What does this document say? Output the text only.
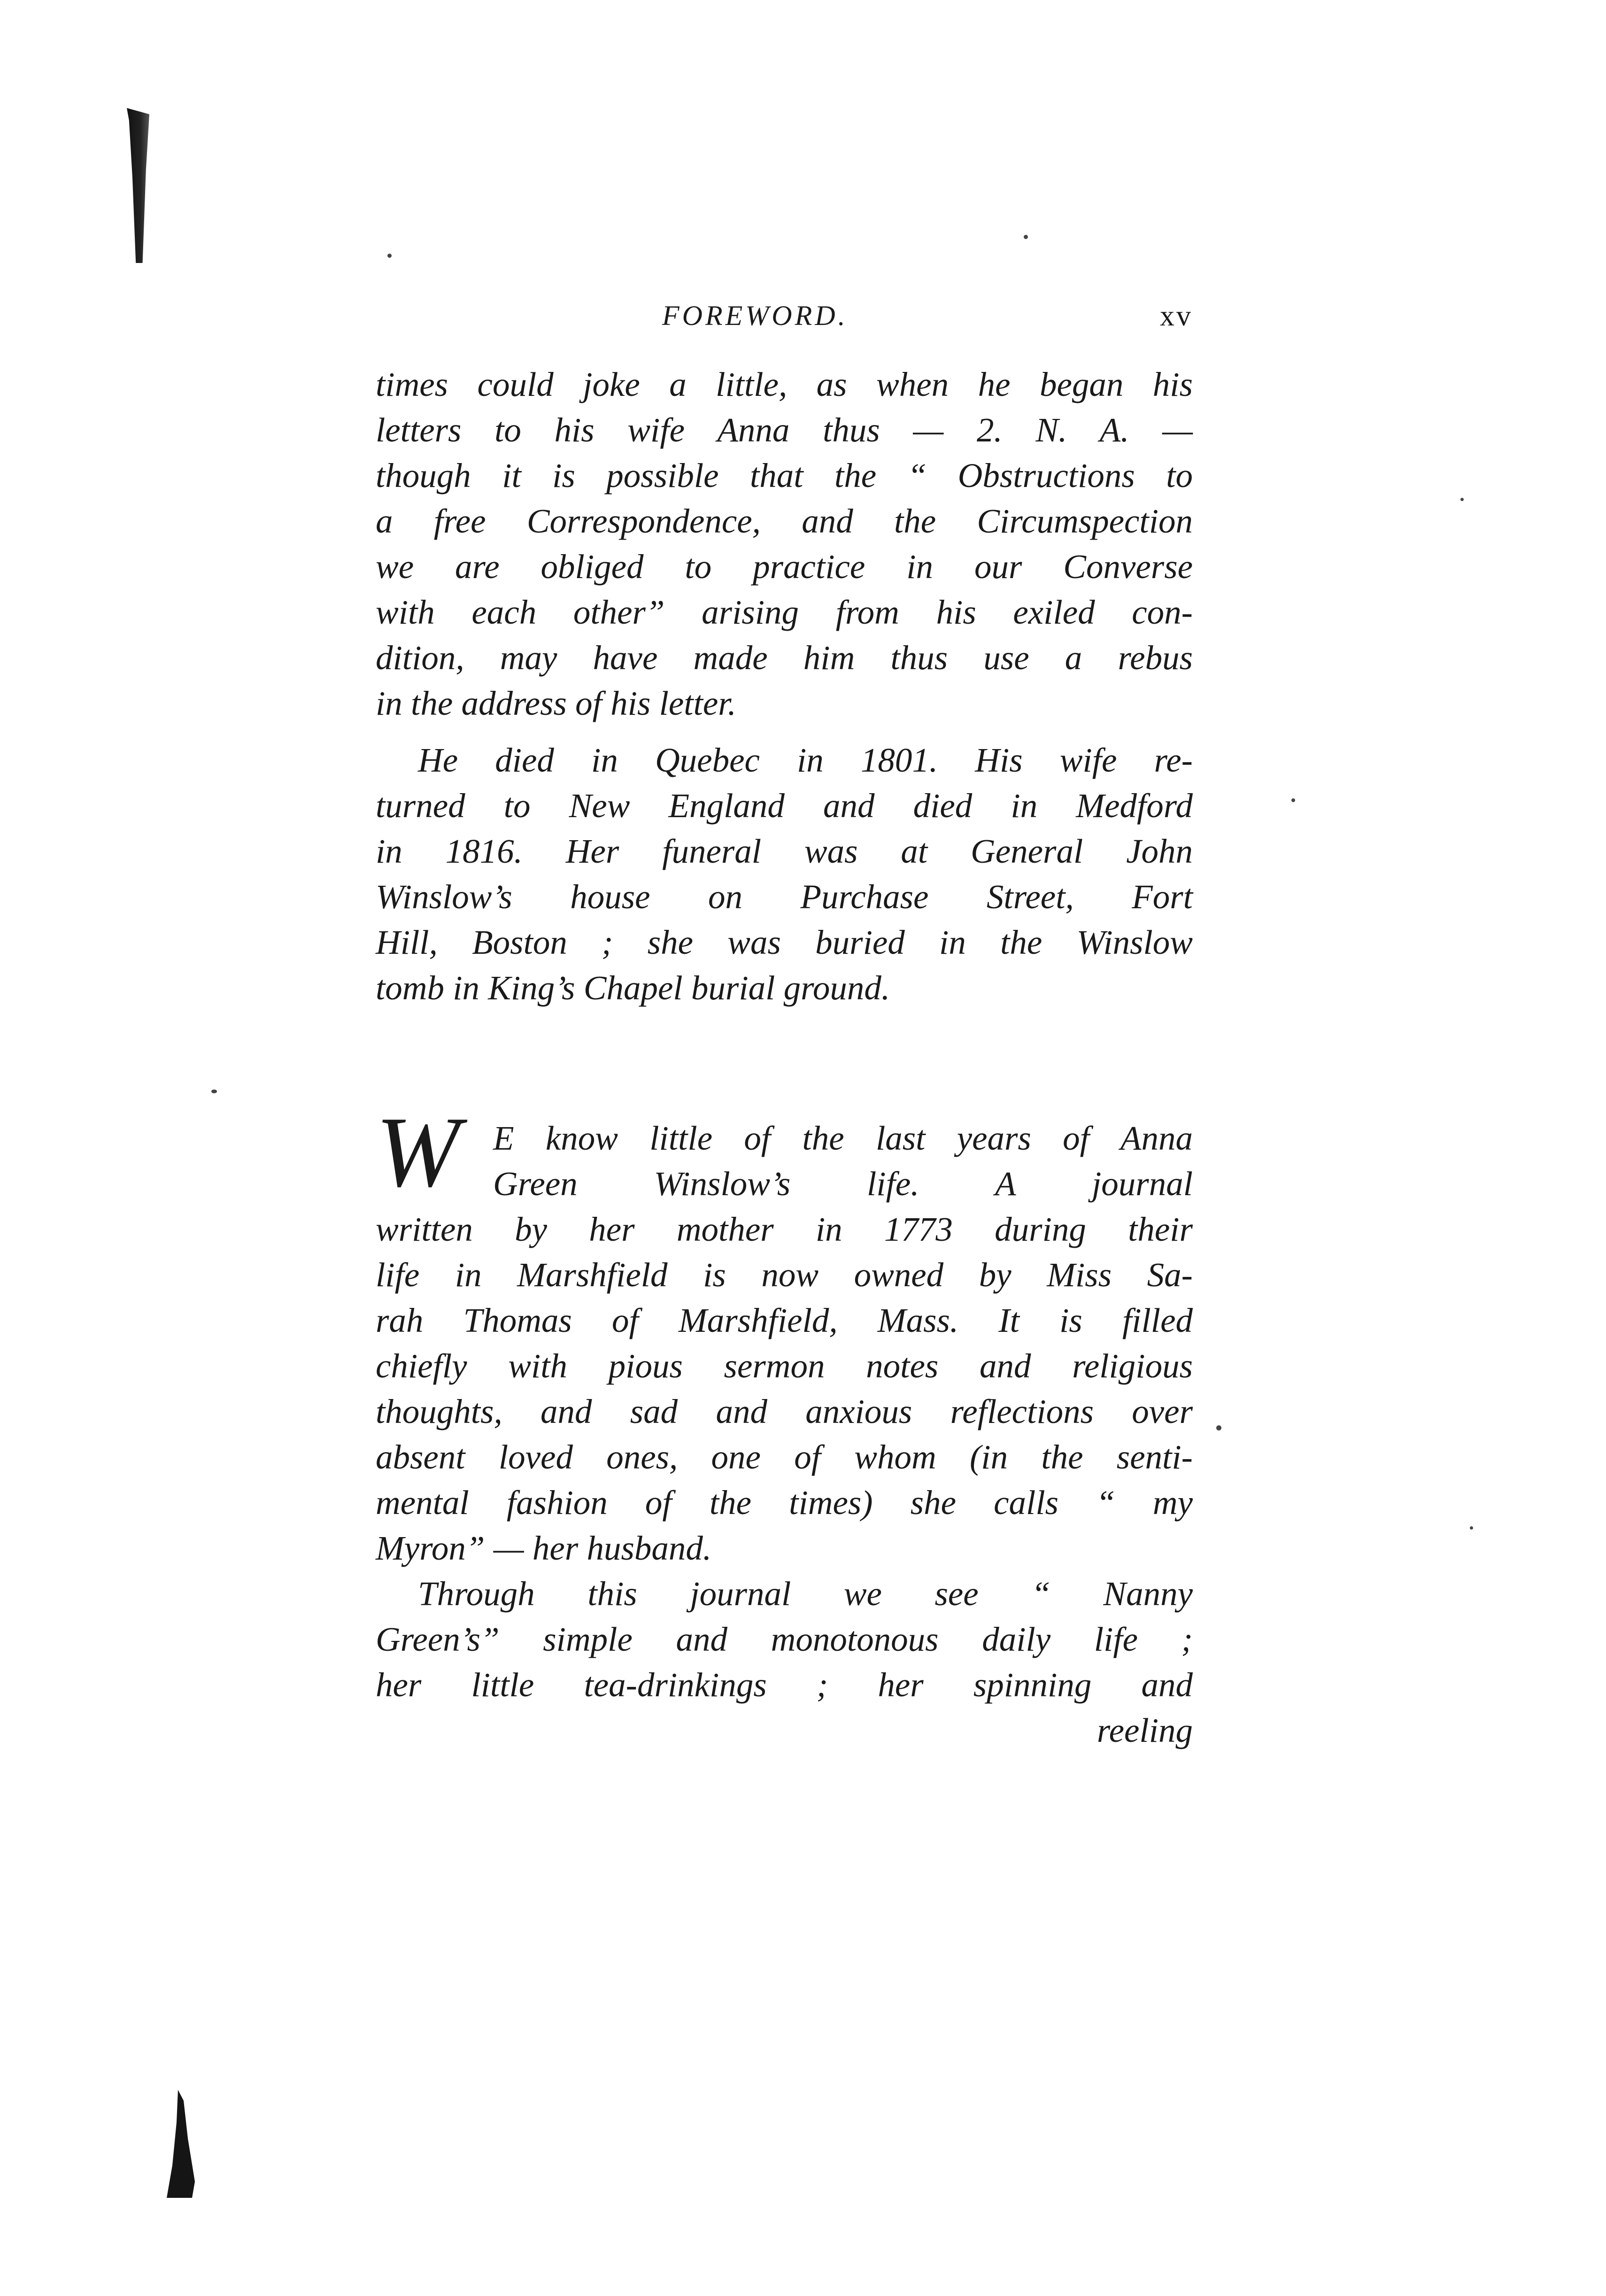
FOREWORD.	xv
times could joke a little, as when he began his
letters to his wife Anna thus — 2. N. A. —
though it is possible that the “ Obstructions to
a free Correspondence, and the Circumspection
we are obliged to practice in our Converse
with each other” arising from his exiled con-
dition, may have made him thus use a rebus
in the address of his letter.
He died in Quebec in 1801. His wife re-
turned to New England and died in Medford
in 1816. Her funeral was at General John
Winslow’s house on Purchase Street, Fort
Hill, Boston ; she was buried in the Winslow
tomb in King’s Chapel burial ground.
W E know little of the last years of Anna
Green Winslow’s life. A journal
written by her mother in 1773 during their
life in Marshfield is now owned by Miss Sa-
rah Thomas of Marshfield, Mass. It is filled
chiefly with pious sermon notes and religious
thoughts, and sad and anxious reflections over
absent loved ones, one of whom (in the senti-
mental fashion of the times) she calls “ my
Myron” — her husband.
Through this journal we see “ Nanny
Green’s” simple and monotonous daily life ;
her little tea-drinkings ; her spinning and
reeling
